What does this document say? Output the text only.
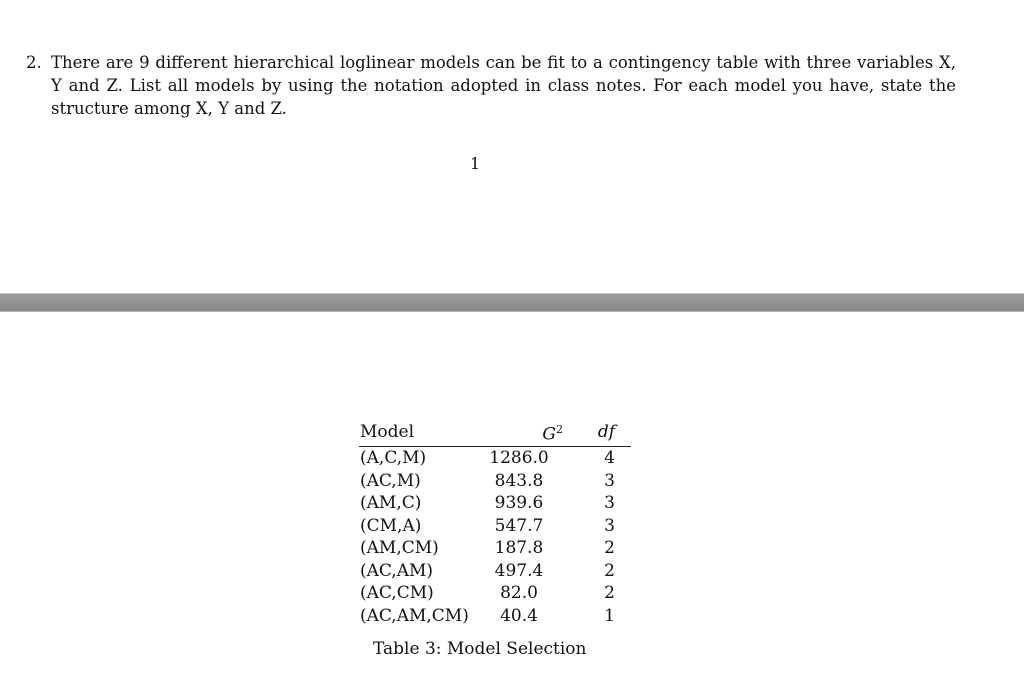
2. There are 9 different hierarchical loglinear models can be fit to a contingency table with three variables X, Y and Z. List all models by using the notation adopted in class notes. For each model you have, state the structure among X, Y and Z.
1
Model	$G^2$	df
(A,C,M)	1286.0	4
(AC,M)	843.8	3
(AM,C)	939.6	3
(CM,A)	547.7	3
(AM,CM)	187.8	2
(AC,AM)	497.4	2
(AC,CM)	82.0	2
(AC,AM,CM)	40.4	1
Table 3: Model Selection
